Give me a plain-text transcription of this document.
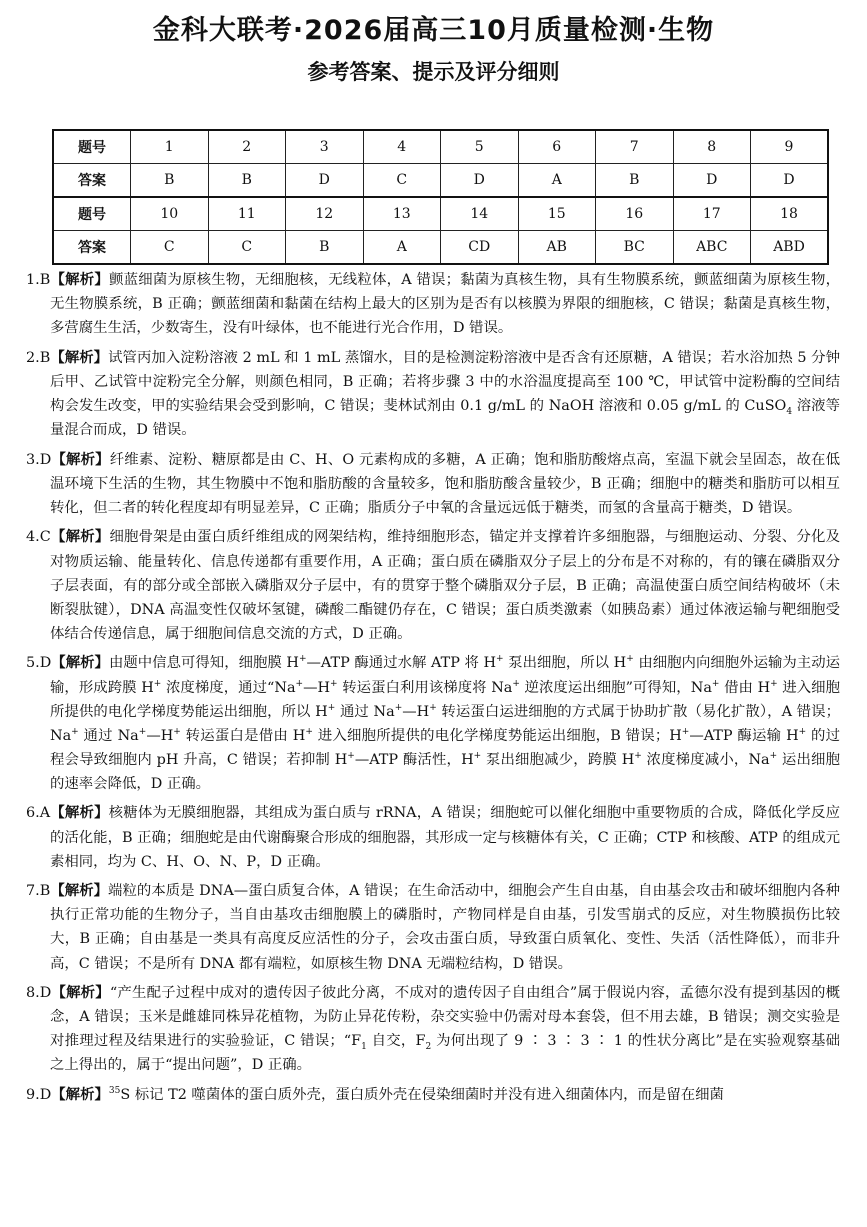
金科大联考·2026届高三10月质量检测·生物
参考答案、提示及评分细则
题号	1	2	3	4	5	6	7	8	9
答案	B	B	D	C	D	A	B	D	D
题号	10	11	12	13	14	15	16	17	18
答案	C	C	B	A	CD	AB	BC	ABC	ABD
1.B【解析】颤蓝细菌为原核生物，无细胞核，无线粒体，A 错误；黏菌为真核生物，具有生物膜系统，颤蓝细菌为原核生物，无生物膜系统，B 正确；颤蓝细菌和黏菌在结构上最大的区别为是否有以核膜为界限的细胞核，C 错误；黏菌是真核生物，多营腐生生活，少数寄生，没有叶绿体，也不能进行光合作用，D 错误。
2.B【解析】试管丙加入淀粉溶液 2 mL 和 1 mL 蒸馏水，目的是检测淀粉溶液中是否含有还原糖，A 错误；若水浴加热 5 分钟后甲、乙试管中淀粉完全分解，则颜色相同，B 正确；若将步骤 3 中的水浴温度提高至 100 ℃，甲试管中淀粉酶的空间结构会发生改变，甲的实验结果会受到影响，C 错误；斐林试剂由 0.1 g/mL 的 NaOH 溶液和 0.05 g/mL 的 CuSO$_4$ 溶液等量混合而成，D 错误。
3.D【解析】纤维素、淀粉、糖原都是由 C、H、O 元素构成的多糖，A 正确；饱和脂肪酸熔点高，室温下就会呈固态，故在低温环境下生活的生物，其生物膜中不饱和脂肪酸的含量较多，饱和脂肪酸含量较少，B 正确；细胞中的糖类和脂肪可以相互转化，但二者的转化程度却有明显差异，C 正确；脂质分子中氧的含量远远低于糖类，而氢的含量高于糖类，D 错误。
4.C【解析】细胞骨架是由蛋白质纤维组成的网架结构，维持细胞形态，锚定并支撑着许多细胞器，与细胞运动、分裂、分化及对物质运输、能量转化、信息传递都有重要作用，A 正确；蛋白质在磷脂双分子层上的分布是不对称的，有的镶在磷脂双分子层表面，有的部分或全部嵌入磷脂双分子层中，有的贯穿于整个磷脂双分子层，B 正确；高温使蛋白质空间结构破坏（未断裂肽键），DNA 高温变性仅破坏氢键，磷酸二酯键仍存在，C 错误；蛋白质类激素（如胰岛素）通过体液运输与靶细胞受体结合传递信息，属于细胞间信息交流的方式，D 正确。
5.D【解析】由题中信息可得知，细胞膜 H+—ATP 酶通过水解 ATP 将 H+ 泵出细胞，所以 H+ 由细胞内向细胞外运输为主动运输，形成跨膜 H+ 浓度梯度，通过“Na+—H+ 转运蛋白利用该梯度将 Na+ 逆浓度运出细胞”可得知，Na+ 借由 H+ 进入细胞所提供的电化学梯度势能运出细胞，所以 H+ 通过 Na+—H+ 转运蛋白运进细胞的方式属于协助扩散（易化扩散），A 错误；Na+ 通过 Na+—H+ 转运蛋白是借由 H+ 进入细胞所提供的电化学梯度势能运出细胞，B 错误；H+—ATP 酶运输 H+ 的过程会导致细胞内 pH 升高，C 错误；若抑制 H+—ATP 酶活性，H+ 泵出细胞减少，跨膜 H+ 浓度梯度减小，Na+ 运出细胞的速率会降低，D 正确。
6.A【解析】核糖体为无膜细胞器，其组成为蛋白质与 rRNA，A 错误；细胞蛇可以催化细胞中重要物质的合成，降低化学反应的活化能，B 正确；细胞蛇是由代谢酶聚合形成的细胞器，其形成一定与核糖体有关，C 正确；CTP 和核酸、ATP 的组成元素相同，均为 C、H、O、N、P，D 正确。
7.B【解析】端粒的本质是 DNA—蛋白质复合体，A 错误；在生命活动中，细胞会产生自由基，自由基会攻击和破坏细胞内各种执行正常功能的生物分子，当自由基攻击细胞膜上的磷脂时，产物同样是自由基，引发雪崩式的反应，对生物膜损伤比较大，B 正确；自由基是一类具有高度反应活性的分子，会攻击蛋白质，导致蛋白质氧化、变性、失活（活性降低），而非升高，C 错误；不是所有 DNA 都有端粒，如原核生物 DNA 无端粒结构，D 错误。
8.D【解析】“产生配子过程中成对的遗传因子彼此分离，不成对的遗传因子自由组合”属于假说内容，孟德尔没有提到基因的概念，A 错误；玉米是雌雄同株异花植物，为防止异花传粉，杂交实验中仍需对母本套袋，但不用去雄，B 错误；测交实验是对推理过程及结果进行的实验验证，C 错误；“$F_1$ 自交，$F_2$ 为何出现了 9 ∶ 3 ∶ 3 ∶ 1 的性状分离比”是在实验观察基础之上得出的，属于“提出问题”，D 正确。
9.D【解析】$^{35}$S 标记 T2 噬菌体的蛋白质外壳，蛋白质外壳在侵染细菌时并没有进入细菌体内，而是留在细菌
